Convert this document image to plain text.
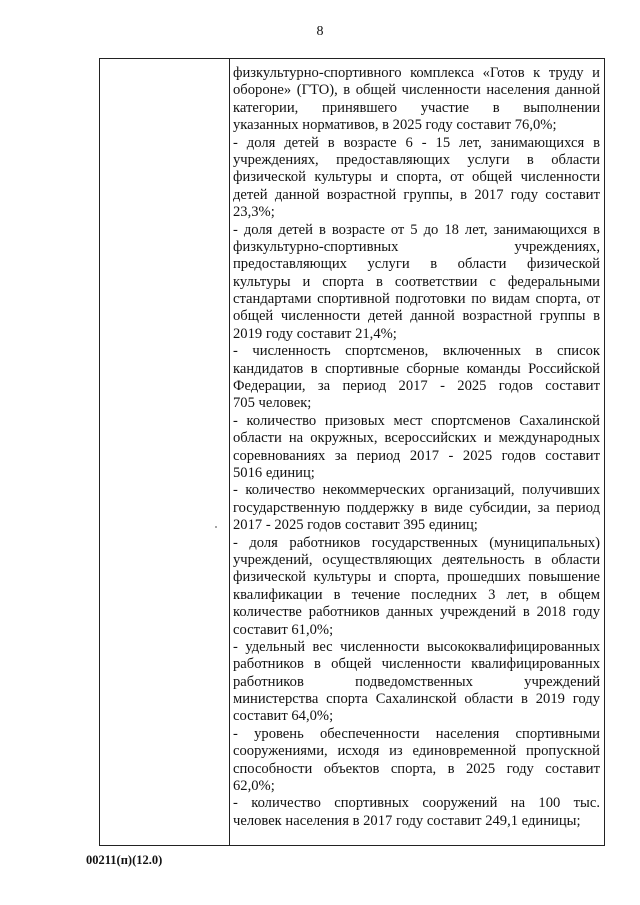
8
физкультурно-спортивного комплекса «Готов к труду и
обороне» (ГТО), в общей численности населения данной
категории, принявшего участие в выполнении
указанных нормативов, в 2025 году составит 76,0%;
- доля детей в возрасте 6 - 15 лет, занимающихся в
учреждениях, предоставляющих услуги в области
физической культуры и спорта, от общей численности
детей данной возрастной группы, в 2017 году составит
23,3%;
- доля детей в возрасте от 5 до 18 лет, занимающихся в
физкультурно-спортивных учреждениях,
предоставляющих услуги в области физической
культуры и спорта в соответствии с федеральными
стандартами спортивной подготовки по видам спорта, от
общей численности детей данной возрастной группы в
2019 году составит 21,4%;
- численность спортсменов, включенных в список
кандидатов в спортивные сборные команды Российской
Федерации, за период 2017 - 2025 годов составит
705 человек;
- количество призовых мест спортсменов Сахалинской
области на окружных, всероссийских и международных
соревнованиях за период 2017 - 2025 годов составит
5016 единиц;
- количество некоммерческих организаций, получивших
государственную поддержку в виде субсидии, за период
2017 - 2025 годов составит 395 единиц;
- доля работников государственных (муниципальных)
учреждений, осуществляющих деятельность в области
физической культуры и спорта, прошедших повышение
квалификации в течение последних 3 лет, в общем
количестве работников данных учреждений в 2018 году
составит 61,0%;
- удельный вес численности высококвалифицированных
работников в общей численности квалифицированных
работников подведомственных учреждений
министерства спорта Сахалинской области в 2019 году
составит 64,0%;
- уровень обеспеченности населения спортивными
сооружениями, исходя из единовременной пропускной
способности объектов спорта, в 2025 году составит
62,0%;
- количество спортивных сооружений на 100 тыс.
человек населения в 2017 году составит 249,1 единицы;
00211(п)(12.0)
